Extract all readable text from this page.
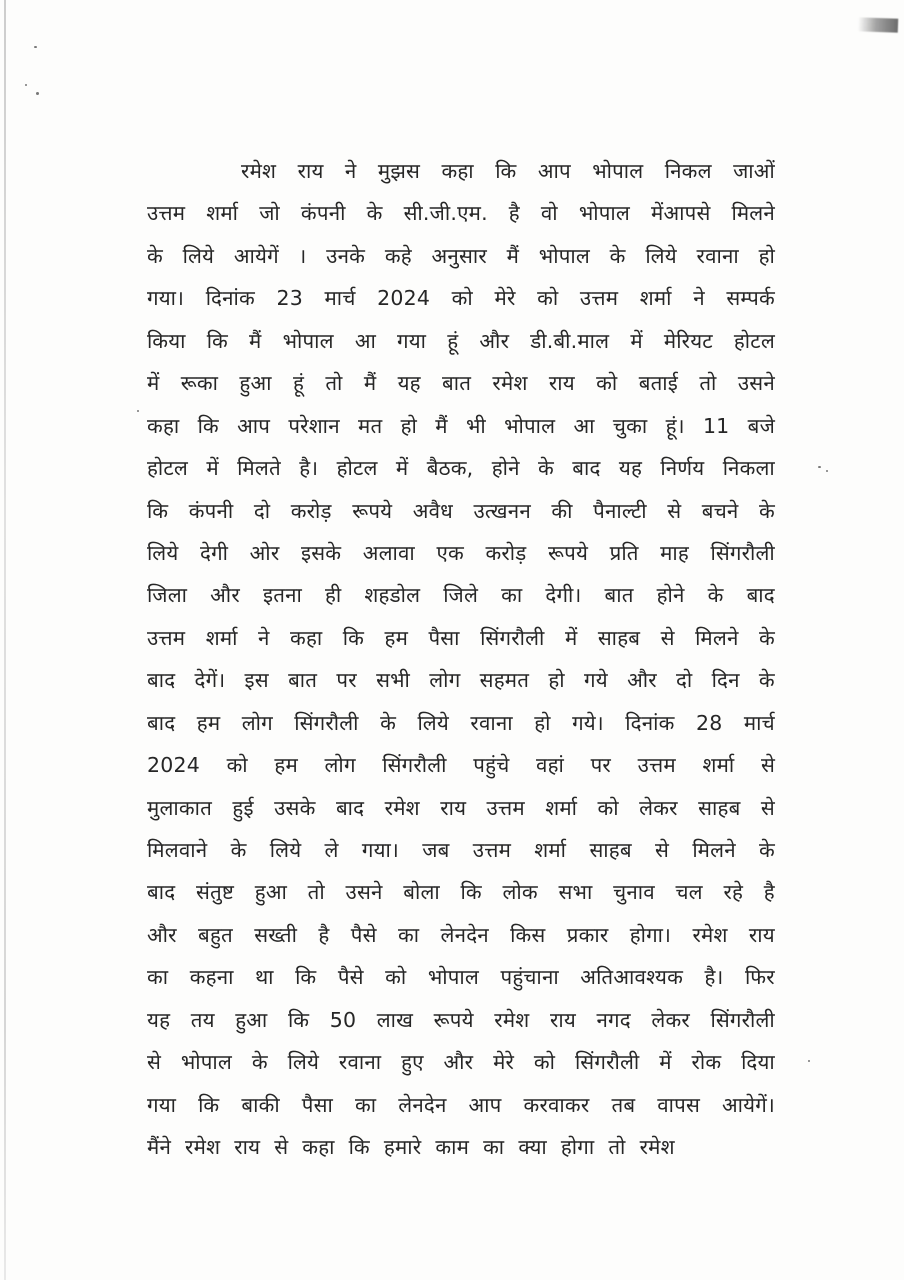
रमेश राय ने मुझस कहा कि आप भोपाल निकल जाओं
उत्तम शर्मा जो कंपनी के सी.जी.एम. है वो भोपाल मेंआपसे मिलने
के लिये आयेगें । उनके कहे अनुसार मैं भोपाल के लिये रवाना हो
गया। दिनांक 23 मार्च 2024 को मेरे को उत्तम शर्मा ने सम्पर्क
किया कि मैं भोपाल आ गया हूं और डी.बी.माल में मेरियट होटल
में रूका हुआ हूं तो मैं यह बात रमेश राय को बताई तो उसने
कहा कि आप परेशान मत हो मैं भी भोपाल आ चुका हूं। 11 बजे
होटल में मिलते है। होटल में बैठक, होने के बाद यह निर्णय निकला
कि कंपनी दो करोड़ रूपये अवैध उत्खनन की पैनाल्टी से बचने के
लिये देगी ओर इसके अलावा एक करोड़ रूपये प्रति माह सिंगरौली
जिला और इतना ही शहडोल जिले का देगी। बात होने के बाद
उत्तम शर्मा ने कहा कि हम पैसा सिंगरौली में साहब से मिलने के
बाद देगें। इस बात पर सभी लोग सहमत हो गये और दो दिन के
बाद हम लोग सिंगरौली के लिये रवाना हो गये। दिनांक 28 मार्च
2024 को हम लोग सिंगरौली पहुंचे वहां पर उत्तम शर्मा से
मुलाकात हुई उसके बाद रमेश राय उत्तम शर्मा को लेकर साहब से
मिलवाने के लिये ले गया। जब उत्तम शर्मा साहब से मिलने के
बाद संतुष्ट हुआ तो उसने बोला कि लोक सभा चुनाव चल रहे है
और बहुत सख्ती है पैसे का लेनदेन किस प्रकार होगा। रमेश राय
का कहना था कि पैसे को भोपाल पहुंचाना अतिआवश्यक है। फिर
यह तय हुआ कि 50 लाख रूपये रमेश राय नगद लेकर सिंगरौली
से भोपाल के लिये रवाना हुए और मेरे को सिंगरौली में रोक दिया
गया कि बाकी पैसा का लेनदेन आप करवाकर तब वापस आयेगें।
मैंने रमेश राय से कहा कि हमारे काम का क्या होगा तो रमेश
